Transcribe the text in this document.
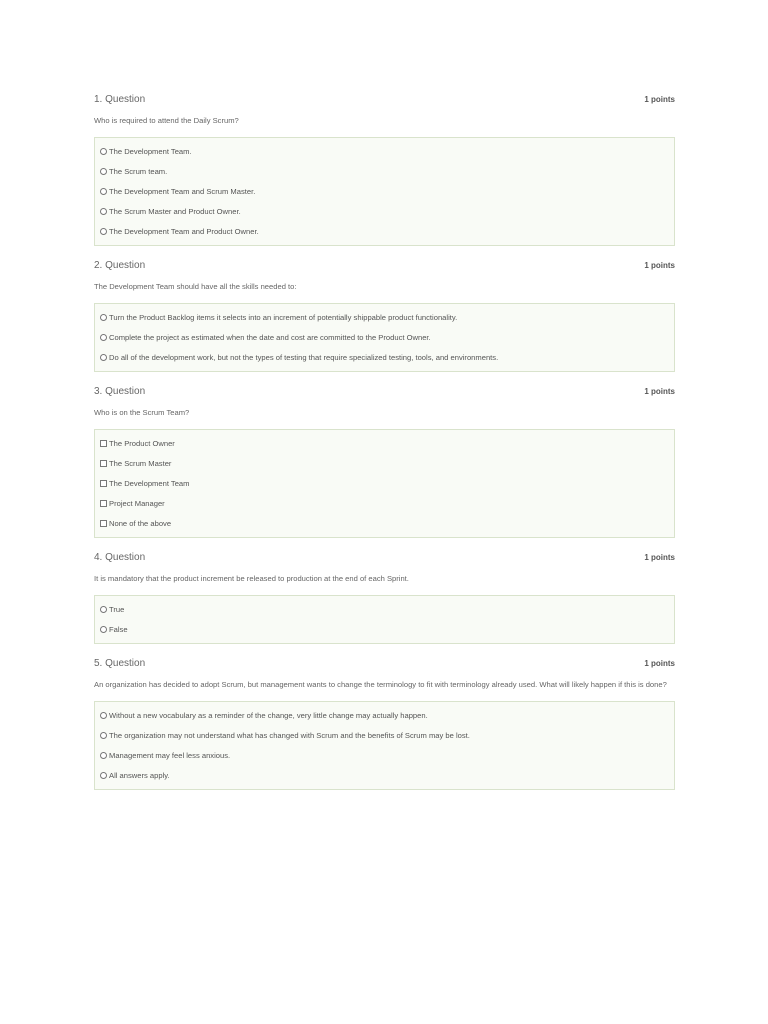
1. Question	1 points
Who is required to attend the Daily Scrum?
The Development Team.
The Scrum team.
The Development Team and Scrum Master.
The Scrum Master and Product Owner.
The Development Team and Product Owner.
2. Question	1 points
The Development Team should have all the skills needed to:
Turn the Product Backlog items it selects into an increment of potentially shippable product functionality.
Complete the project as estimated when the date and cost are committed to the Product Owner.
Do all of the development work, but not the types of testing that require specialized testing, tools, and environments.
3. Question	1 points
Who is on the Scrum Team?
The Product Owner
The Scrum Master
The Development Team
Project Manager
None of the above
4. Question	1 points
It is mandatory that the product increment be released to production at the end of each Sprint.
True
False
5. Question	1 points
An organization has decided to adopt Scrum, but management wants to change the terminology to fit with terminology already used. What will likely happen if this is done?
Without a new vocabulary as a reminder of the change, very little change may actually happen.
The organization may not understand what has changed with Scrum and the benefits of Scrum may be lost.
Management may feel less anxious.
All answers apply.
